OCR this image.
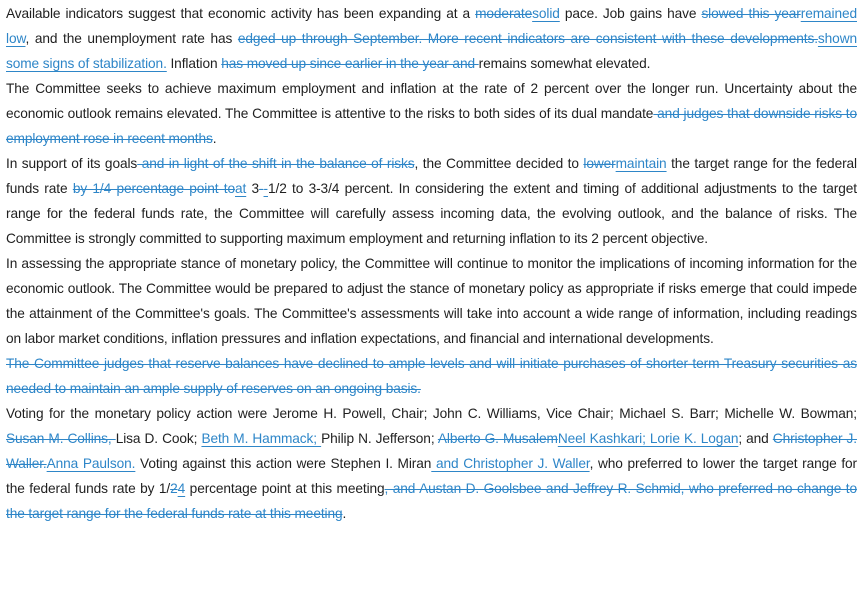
Available indicators suggest that economic activity has been expanding at a moderatesolid pace. Job gains have slowed this yearremained low, and the unemployment rate has edged up through September. More recent indicators are consistent with these developments.shown some signs of stabilization. Inflation has moved up since earlier in the year and remains somewhat elevated.

The Committee seeks to achieve maximum employment and inflation at the rate of 2 percent over the longer run. Uncertainty about the economic outlook remains elevated. The Committee is attentive to the risks to both sides of its dual mandate and judges that downside risks to employment rose in recent months.

In support of its goals and in light of the shift in the balance of risks, the Committee decided to lowermaintain the target range for the federal funds rate by 1/4 percentage point toat 3--1/2 to 3-3/4 percent. In considering the extent and timing of additional adjustments to the target range for the federal funds rate, the Committee will carefully assess incoming data, the evolving outlook, and the balance of risks. The Committee is strongly committed to supporting maximum employment and returning inflation to its 2 percent objective.

In assessing the appropriate stance of monetary policy, the Committee will continue to monitor the implications of incoming information for the economic outlook. The Committee would be prepared to adjust the stance of monetary policy as appropriate if risks emerge that could impede the attainment of the Committee's goals. The Committee's assessments will take into account a wide range of information, including readings on labor market conditions, inflation pressures and inflation expectations, and financial and international developments.

The Committee judges that reserve balances have declined to ample levels and will initiate purchases of shorter-term Treasury securities as needed to maintain an ample supply of reserves on an ongoing basis.

Voting for the monetary policy action were Jerome H. Powell, Chair; John C. Williams, Vice Chair; Michael S. Barr; Michelle W. Bowman; Susan M. Collins, Lisa D. Cook; Beth M. Hammack; Philip N. Jefferson; Alberto G. MusalemNeel Kashkari; Lorie K. Logan; and Christopher J. Waller.Anna Paulson. Voting against this action were Stephen I. Miran and Christopher J. Waller, who preferred to lower the target range for the federal funds rate by 1/24 percentage point at this meeting, and Austan D. Goolsbee and Jeffrey R. Schmid, who preferred no change to the target range for the federal funds rate at this meeting.
